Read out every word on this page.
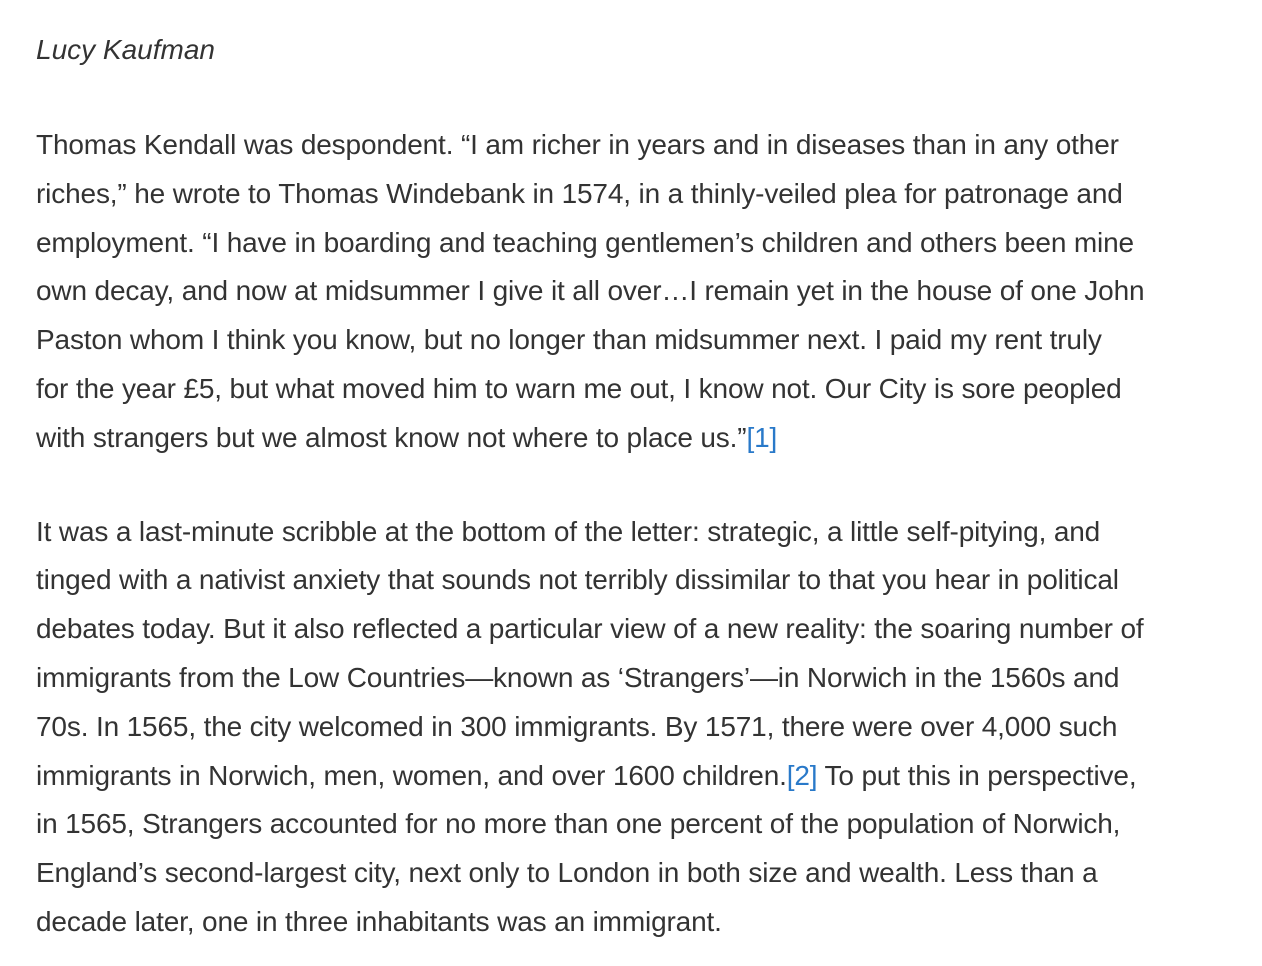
Lucy Kaufman

Thomas Kendall was despondent. “I am richer in years and in diseases than in any other
riches,” he wrote to Thomas Windebank in 1574, in a thinly-veiled plea for patronage and
employment. “I have in boarding and teaching gentlemen’s children and others been mine
own decay, and now at midsummer I give it all over…I remain yet in the house of one John
Paston whom I think you know, but no longer than midsummer next. I paid my rent truly
for the year £5, but what moved him to warn me out, I know not. Our City is sore peopled
with strangers but we almost know not where to place us.”[1]

It was a last-minute scribble at the bottom of the letter: strategic, a little self-pitying, and
tinged with a nativist anxiety that sounds not terribly dissimilar to that you hear in political
debates today. But it also reflected a particular view of a new reality: the soaring number of
immigrants from the Low Countries—known as ‘Strangers’—in Norwich in the 1560s and
70s. In 1565, the city welcomed in 300 immigrants. By 1571, there were over 4,000 such
immigrants in Norwich, men, women, and over 1600 children.[2] To put this in perspective,
in 1565, Strangers accounted for no more than one percent of the population of Norwich,
England’s second-largest city, next only to London in both size and wealth. Less than a
decade later, one in three inhabitants was an immigrant.
